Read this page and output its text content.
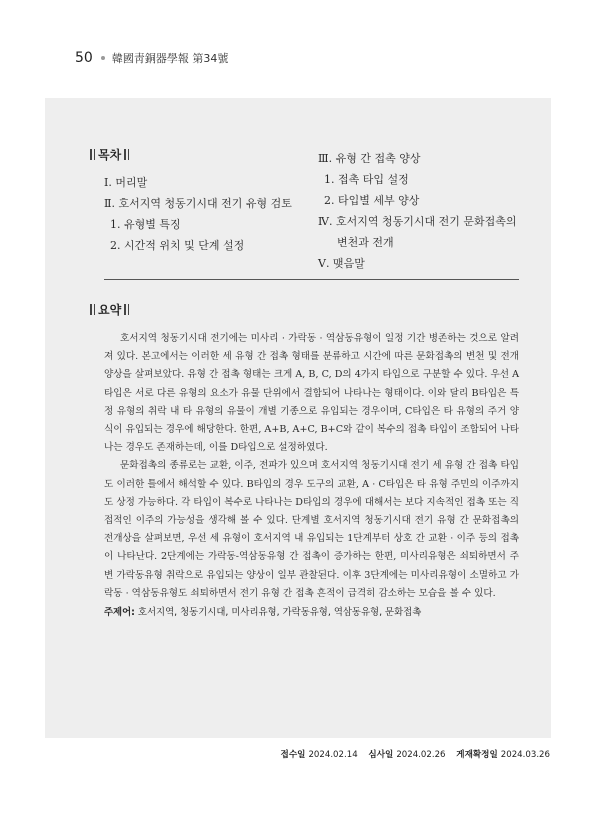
50 韓國靑銅器學報 第34號
목차
Ⅰ. 머리말
Ⅱ. 호서지역 청동기시대 전기 유형 검토
1. 유형별 특징
2. 시간적 위치 및 단계 설정
Ⅲ. 유형 간 접촉 양상
1. 접촉 타입 설정
2. 타입별 세부 양상
Ⅳ. 호서지역 청동기시대 전기 문화접촉의
변천과 전개
Ⅴ. 맺음말
요약

호서지역 청동기시대 전기에는 미사리 · 가락동 · 역삼동유형이 일정 기간 병존하는 것으로 알려져 있다. 본고에서는 이러한 세 유형 간 접촉 형태를 분류하고 시간에 따른 문화접촉의 변천 및 전개 양상을 살펴보았다. 유형 간 접촉 형태는 크게 A, B, C, D의 4가지 타입으로 구분할 수 있다. 우선 A타입은 서로 다른 유형의 요소가 유물 단위에서 결합되어 나타나는 형태이다. 이와 달리 B타입은 특정 유형의 취락 내 타 유형의 유물이 개별 기종으로 유입되는 경우이며, C타입은 타 유형의 주거 양식이 유입되는 경우에 해당한다. 한편, A+B, A+C, B+C와 같이 복수의 접촉 타입이 조합되어 나타나는 경우도 존재하는데, 이를 D타입으로 설정하였다.

문화접촉의 종류로는 교환, 이주, 전파가 있으며 호서지역 청동기시대 전기 세 유형 간 접촉 타입도 이러한 틀에서 해석할 수 있다. B타입의 경우 도구의 교환, A · C타입은 타 유형 주민의 이주까지도 상정 가능하다. 각 타입이 복수로 나타나는 D타입의 경우에 대해서는 보다 지속적인 접촉 또는 직접적인 이주의 가능성을 생각해 볼 수 있다. 단계별 호서지역 청동기시대 전기 유형 간 문화접촉의 전개상을 살펴보면, 우선 세 유형이 호서지역 내 유입되는 1단계부터 상호 간 교환 · 이주 등의 접촉이 나타난다. 2단계에는 가락동-역삼동유형 간 접촉이 증가하는 한편, 미사리유형은 쇠퇴하면서 주변 가락동유형 취락으로 유입되는 양상이 일부 관찰된다. 이후 3단계에는 미사리유형이 소멸하고 가락동 · 역삼동유형도 쇠퇴하면서 전기 유형 간 접촉 흔적이 급격히 감소하는 모습을 볼 수 있다.

주제어: 호서지역, 청동기시대, 미사리유형, 가락동유형, 역삼동유형, 문화접촉
접수일 2024.02.14 심사일 2024.02.26 게재확정일 2024.03.26
